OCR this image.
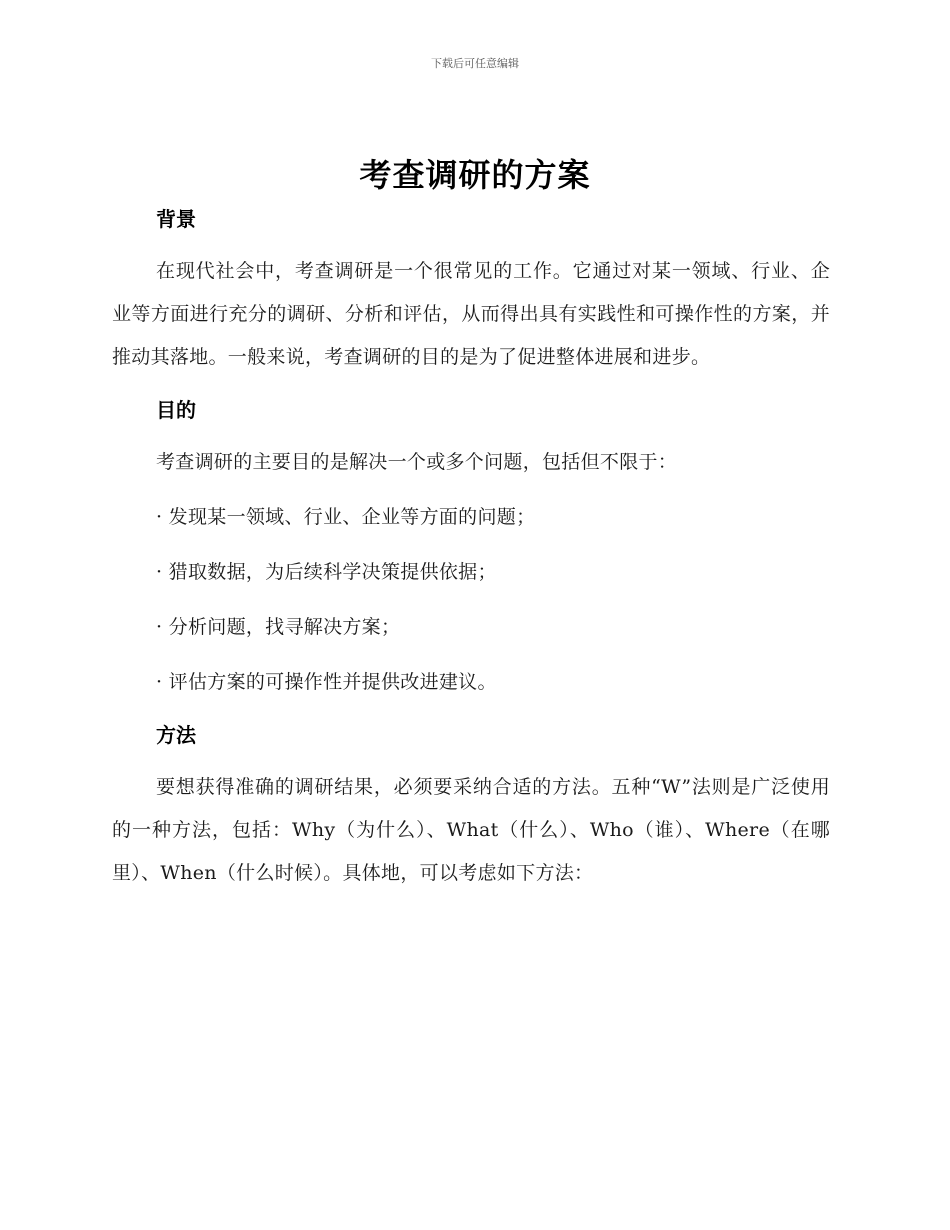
下载后可任意编辑
考查调研的方案
背景

在现代社会中，考查调研是一个很常见的工作。它通过对某一领域、行业、企业等方面进行充分的调研、分析和评估，从而得出具有实践性和可操作性的方案，并推动其落地。一般来说，考查调研的目的是为了促进整体进展和进步。

目的

考查调研的主要目的是解决一个或多个问题，包括但不限于：

· 发现某一领域、行业、企业等方面的问题；

· 猎取数据，为后续科学决策提供依据；

· 分析问题，找寻解决方案；

· 评估方案的可操作性并提供改进建议。

方法

要想获得准确的调研结果，必须要采纳合适的方法。五种“W”法则是广泛使用的一种方法，包括：Why（为什么）、What（什么）、Who（谁）、Where（在哪里）、When（什么时候）。具体地，可以考虑如下方法：
